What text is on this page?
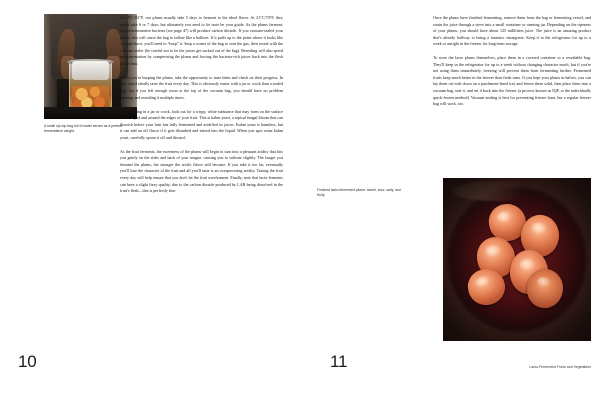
A small zip-top bag full of water serves as a perfect fermentation weight.

At 28°C/82°F, our plums usually take 5 days to ferment to the ideal flavor. At 21°C/70°F, they might take 6 or 7 days, but ultimately you need to let taste be your guide. As the plums ferment, heterofermentative bacteria (see page 47) will produce carbon dioxide. If you vacuum-sealed your plums, this will cause the bag to inflate like a balloon. If it puffs up to the point where it looks like it might burst, you'll need to “burp” it. Snip a corner of the bag to vent the gas, then reseal with the vacuum sealer (be careful not to let the juices get sucked out of the bag). Resealing will also speed up fermentation by compressing the plums and forcing the bacteria-rich juices back into the flesh of the fruit.

While you're burping the plums, take the opportunity to taste them and check on their progress. In fact, you'd ideally taste the fruit every day. This is obviously easier with a jar or crock than a sealed bag, but if you left enough room at the top of the vacuum bag, you should have no problem opening and resealing it multiple times.

If fermenting in a jar or crock, look out for a wispy, white substance that may form on the surface of the liquid and around the edges of your fruit. This is kahm yeast, a topical fungal bloom that can flourish before your fruit has fully fermented and acidified its juices. Kahm yeast is harmless, but it can add an off flavor if it gets disturbed and mixed into the liquid. When you spot some kahm yeast, carefully spoon it off and discard.

As the fruit ferments, the sweetness of the plums will begin to turn into a pleasant acidity that hits you gently on the sides and back of your tongue, causing you to salivate slightly. The longer you ferment the plums, the stronger the acidic flavor will become. If you take it too far, eventually you'll lose the character of the fruit and all you'll taste is an overpowering acidity. Tasting the fruit every day will help ensure that you don't let the fruit overferment. Finally, note that lacto-ferments can have a slight fizzy quality, due to the carbon dioxide produced by LAB being dissolved in the fruit's flesh—this is perfectly fine.

10

Once the plums have finished fermenting, remove them from the bag or fermenting vessel, and strain the juice through a sieve into a small container or canning jar. Depending on the ripeness of your plums, you should have about 125 milliliters juice. The juice is an amazing product that's already halfway to being a fantastic vinaigrette. Keep it in the refrigerator for up to a week or airtight in the freezer for long-term storage.

To store the lacto plums themselves, place them in a covered container or a resealable bag. They'll keep in the refrigerator for up to a week without changing character much, but if you're not using them immediately, freezing will prevent them from fermenting further. Fermented fruits keep much better in the freezer than fresh ones. If you kept your plums in halves, you can lay them cut-side down on a parchment-lined tray and freeze them solid, then place them into a vacuum bag, seal it, and set it back into the freezer (a process known as IQF, or the individually quick-frozen method). Vacuum-sealing is best for preventing freezer burn, but a regular freezer bag will work, too.

Finished lacto-fermented plums: sweet, sour, salty, and fruity.
11	Lacto-Fermented Fruits and Vegetables
